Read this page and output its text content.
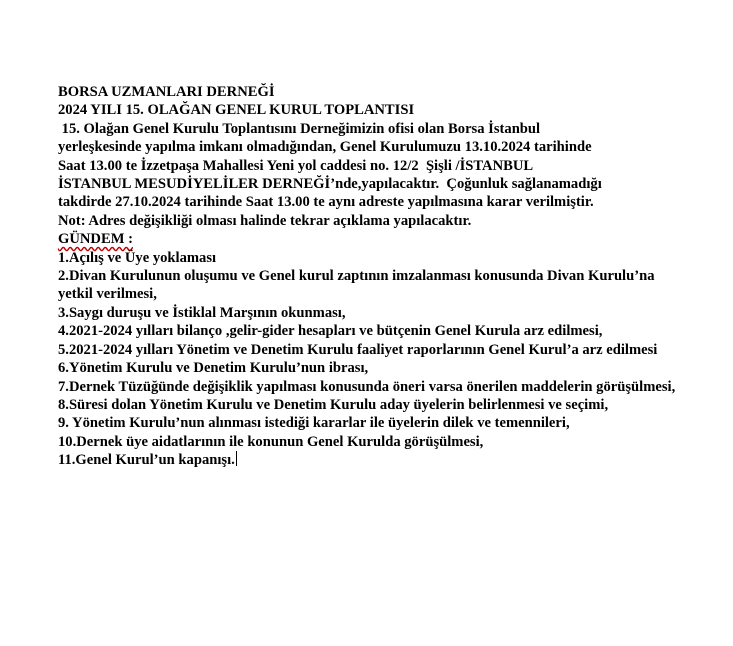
BORSA UZMANLARI DERNEĞİ
2024 YILI 15. OLAĞAN GENEL KURUL TOPLANTISI
15. Olağan Genel Kurulu Toplantısını Derneğimizin ofisi olan Borsa İstanbul
yerleşkesinde yapılma imkanı olmadığından, Genel Kurulumuzu 13.10.2024 tarihinde
Saat 13.00 te İzzetpaşa Mahallesi Yeni yol caddesi no. 12/2  Şişli /İSTANBUL
İSTANBUL MESUDİYELİLER DERNEĞİ’nde,yapılacaktır.  Çoğunluk sağlanamadığı
takdirde 27.10.2024 tarihinde Saat 13.00 te aynı adreste yapılmasına karar verilmiştir.
Not: Adres değişikliği olması halinde tekrar açıklama yapılacaktır.
GÜNDEM :
1.Açılış ve Üye yoklaması
2.Divan Kurulunun oluşumu ve Genel kurul zaptının imzalanması konusunda Divan Kurulu’na yetkil verilmesi,
3.Saygı duruşu ve İstiklal Marşının okunması,
4.2021-2024 yılları bilanço ,gelir-gider hesapları ve bütçenin Genel Kurula arz edilmesi,
5.2021-2024 yılları Yönetim ve Denetim Kurulu faaliyet raporlarının Genel Kurul’a arz edilmesi
6.Yönetim Kurulu ve Denetim Kurulu’nun ibrası,
7.Dernek Tüzüğünde değişiklik yapılması konusunda öneri varsa önerilen maddelerin görüşülmesi,
8.Süresi dolan Yönetim Kurulu ve Denetim Kurulu aday üyelerin belirlenmesi ve seçimi,
9. Yönetim Kurulu’nun alınması istediği kararlar ile üyelerin dilek ve temennileri,
10.Dernek üye aidatlarının ile konunun Genel Kurulda görüşülmesi,
11.Genel Kurul’un kapanışı.
